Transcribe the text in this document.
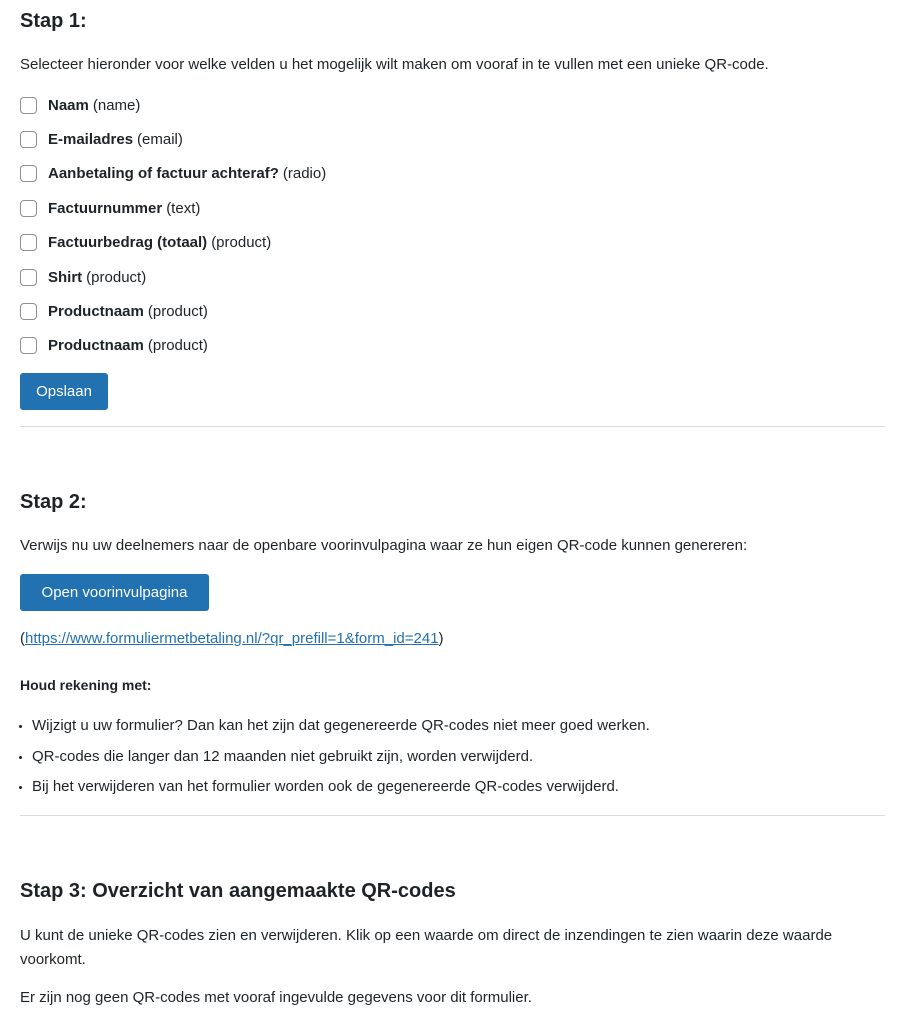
Stap 1:
Selecteer hieronder voor welke velden u het mogelijk wilt maken om vooraf in te vullen met een unieke QR-code.
Naam (name)
E-mailadres (email)
Aanbetaling of factuur achteraf? (radio)
Factuurnummer (text)
Factuurbedrag (totaal) (product)
Shirt (product)
Productnaam (product)
Productnaam (product)
Opslaan
Stap 2:
Verwijs nu uw deelnemers naar de openbare voorinvulpagina waar ze hun eigen QR-code kunnen genereren:
Open voorinvulpagina
(https://www.formuliermetbetaling.nl/?qr_prefill=1&form_id=241)
Houd rekening met:
• Wijzigt u uw formulier? Dan kan het zijn dat gegenereerde QR-codes niet meer goed werken.
• QR-codes die langer dan 12 maanden niet gebruikt zijn, worden verwijderd.
• Bij het verwijderen van het formulier worden ook de gegenereerde QR-codes verwijderd.
Stap 3: Overzicht van aangemaakte QR-codes

U kunt de unieke QR-codes zien en verwijderen. Klik op een waarde om direct de inzendingen te zien waarin deze waarde voorkomt.

Er zijn nog geen QR-codes met vooraf ingevulde gegevens voor dit formulier.
